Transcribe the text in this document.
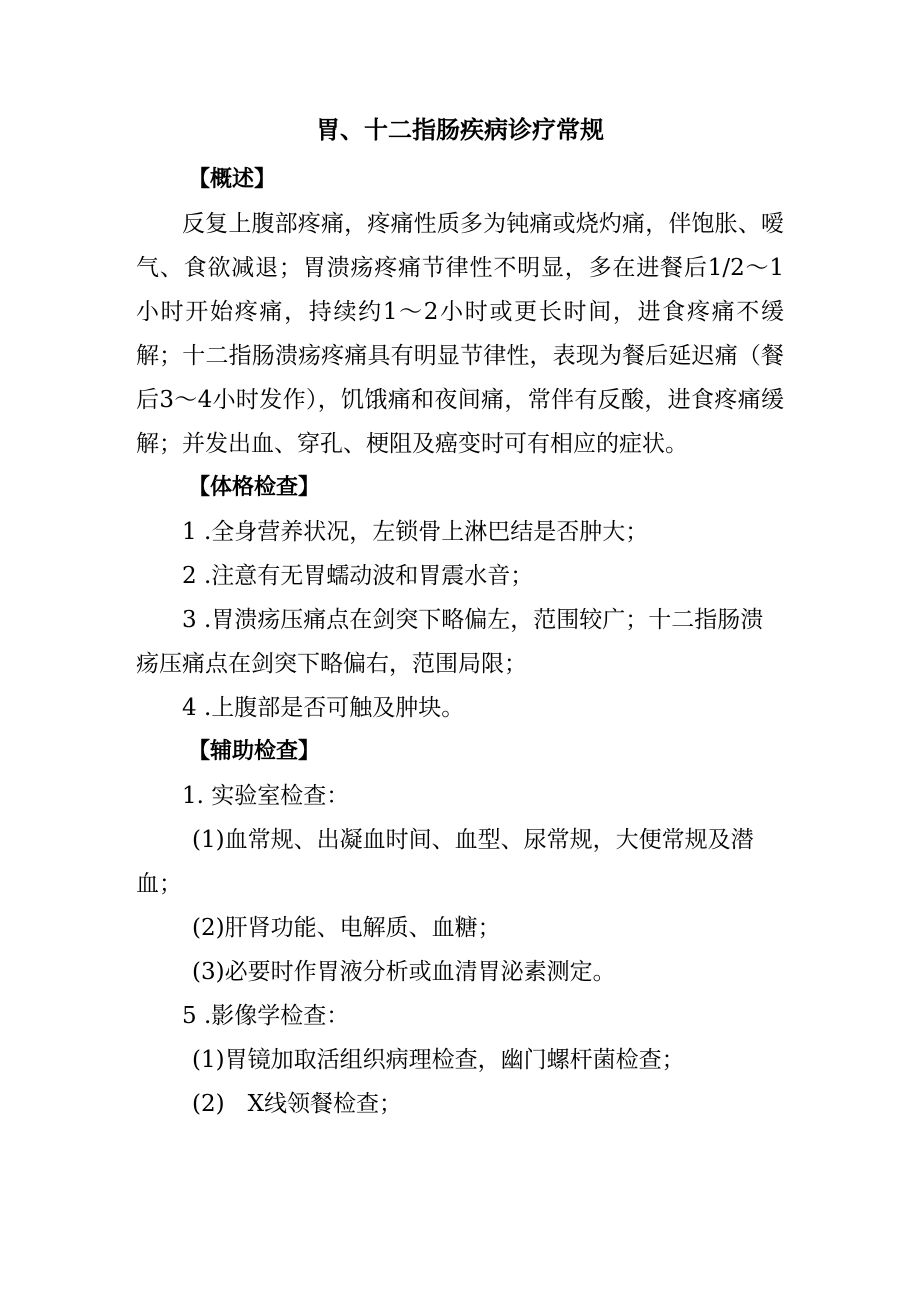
胃、十二指肠疾病诊疗常规

【概述】

反复上腹部疼痛，疼痛性质多为钝痛或烧灼痛，伴饱胀、嗳气、食欲减退；胃溃疡疼痛节律性不明显，多在进餐后1/2～1小时开始疼痛，持续约1～2小时或更长时间，进食疼痛不缓解；十二指肠溃疡疼痛具有明显节律性，表现为餐后延迟痛（餐后3～4小时发作），饥饿痛和夜间痛，常伴有反酸，进食疼痛缓解；并发出血、穿孔、梗阻及癌变时可有相应的症状。

【体格检查】

1 .全身营养状况，左锁骨上淋巴结是否肿大；

2 .注意有无胃蠕动波和胃震水音；

3 .胃溃疡压痛点在剑突下略偏左，范围较广；十二指肠溃疡压痛点在剑突下略偏右，范围局限；

4 .上腹部是否可触及肿块。

【辅助检查】

1. 实验室检查：

(1)血常规、出凝血时间、血型、尿常规，大便常规及潜血；

(2)肝肾功能、电解质、血糖；

(3)必要时作胃液分析或血清胃泌素测定。

5 .影像学检查：

(1)胃镜加取活组织病理检查，幽门螺杆菌检查；

(2) X线领餐检查；
